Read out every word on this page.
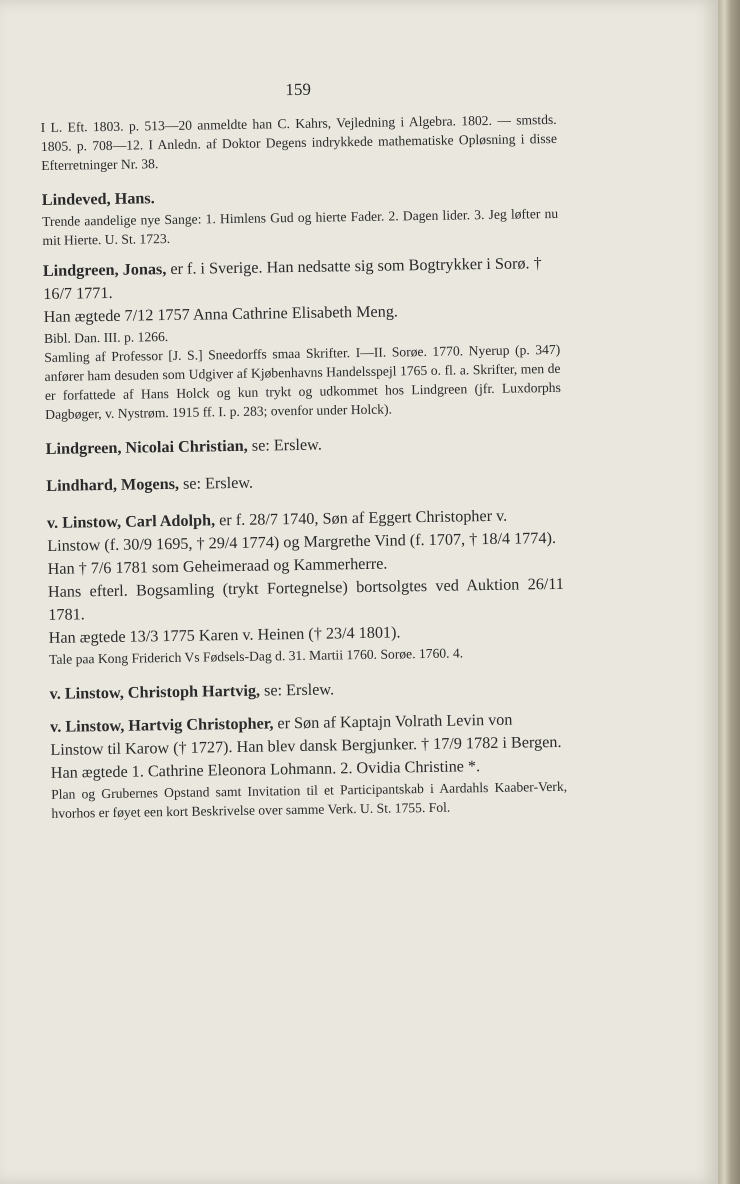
159

I L. Eft. 1803. p. 513—20 anmeldte han C. Kahrs, Vejledning i Algebra. 1802. — smstds. 1805. p. 708—12. I Anledn. af Doktor Degens indrykkede mathematiske Opløsning i disse Efterretninger Nr. 38.

Lindeved, Hans.

Trende aandelige nye Sange: 1. Himlens Gud og hierte Fader. 2. Dagen lider. 3. Jeg løfter nu mit Hierte. U. St. 1723.

Lindgreen, Jonas, er f. i Sverige. Han nedsatte sig som Bogtrykker i Sorø. † 16/7 1771.

Han ægtede 7/12 1757 Anna Cathrine Elisabeth Meng.

Bibl. Dan. III. p. 1266.

Samling af Professor [J. S.] Sneedorffs smaa Skrifter. I—II. Sorøe. 1770. Nyerup (p. 347) anfører ham desuden som Udgiver af Kjøbenhavns Handelsspejl 1765 o. fl. a. Skrifter, men de er forfattede af Hans Holck og kun trykt og udkommet hos Lindgreen (jfr. Luxdorphs Dagbøger, v. Nystrøm. 1915 ff. I. p. 283; ovenfor under Holck).

Lindgreen, Nicolai Christian, se: Erslew.

Lindhard, Mogens, se: Erslew.

v. Linstow, Carl Adolph, er f. 28/7 1740, Søn af Eggert Christopher v. Linstow (f. 30/9 1695, † 29/4 1774) og Margrethe Vind (f. 1707, † 18/4 1774). Han † 7/6 1781 som Geheimeraad og Kammerherre.

Hans efterl. Bogsamling (trykt Fortegnelse) bortsolgtes ved Auktion 26/11 1781.

Han ægtede 13/3 1775 Karen v. Heinen († 23/4 1801).

Tale paa Kong Friderich Vs Fødsels-Dag d. 31. Martii 1760. Sorøe. 1760. 4.

v. Linstow, Christoph Hartvig, se: Erslew.

v. Linstow, Hartvig Christopher, er Søn af Kaptajn Volrath Levin von Linstow til Karow († 1727). Han blev dansk Bergjunker. † 17/9 1782 i Bergen.

Han ægtede 1. Cathrine Eleonora Lohmann. 2. Ovidia Christine *.

Plan og Grubernes Opstand samt Invitation til et Participantskab i Aardahls Kaaber-Verk, hvorhos er føyet een kort Beskrivelse over samme Verk. U. St. 1755. Fol.
